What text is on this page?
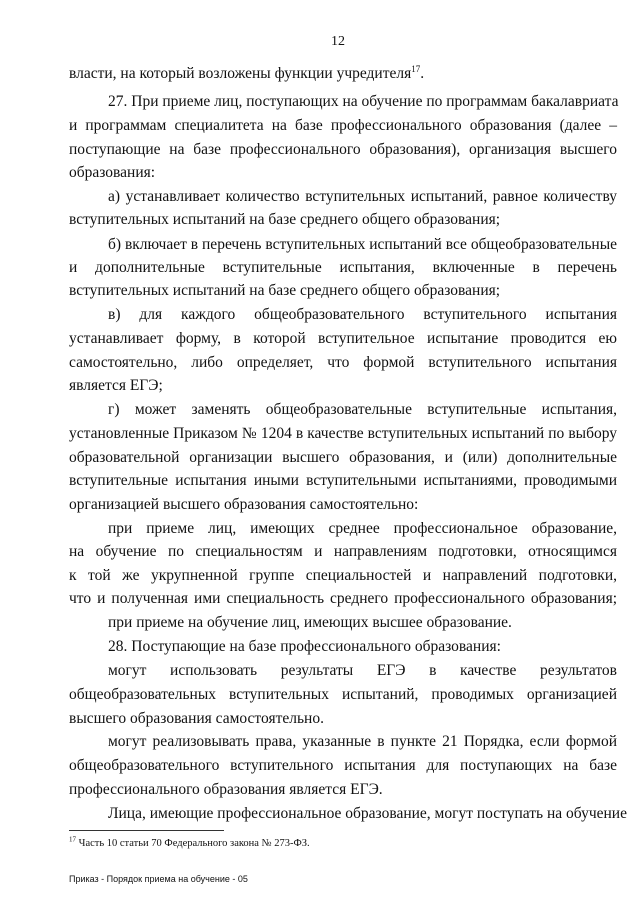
12
власти, на который возложены функции учредителя$^{17}$.
27. При приеме лиц, поступающих на обучение по программам бакалавриата
и программам специалитета на базе профессионального образования (далее –
поступающие на базе профессионального образования), организация высшего
образования:
а) устанавливает количество вступительных испытаний, равное количеству
вступительных испытаний на базе среднего общего образования;
б) включает в перечень вступительных испытаний все общеобразовательные
и дополнительные вступительные испытания, включенные в перечень
вступительных испытаний на базе среднего общего образования;
в) для каждого общеобразовательного вступительного испытания
устанавливает форму, в которой вступительное испытание проводится ею
самостоятельно, либо определяет, что формой вступительного испытания
является ЕГЭ;
г) может заменять общеобразовательные вступительные испытания,
установленные Приказом № 1204 в качестве вступительных испытаний по выбору
образовательной организации высшего образования, и (или) дополнительные
вступительные испытания иными вступительными испытаниями, проводимыми
организацией высшего образования самостоятельно:
при приеме лиц, имеющих среднее профессиональное образование,
на обучение по специальностям и направлениям подготовки, относящимся
к той же укрупненной группе специальностей и направлений подготовки,
что и полученная ими специальность среднего профессионального образования;
при приеме на обучение лиц, имеющих высшее образование.
28. Поступающие на базе профессионального образования:
могут использовать результаты ЕГЭ в качестве результатов
общеобразовательных вступительных испытаний, проводимых организацией
высшего образования самостоятельно.
могут реализовывать права, указанные в пункте 21 Порядка, если формой
общеобразовательного вступительного испытания для поступающих на базе
профессионального образования является ЕГЭ.
Лица, имеющие профессиональное образование, могут поступать на обучение
$^{17}$ Часть 10 статьи 70 Федерального закона № 273-ФЗ.
Приказ - Порядок приема на обучение - 05
